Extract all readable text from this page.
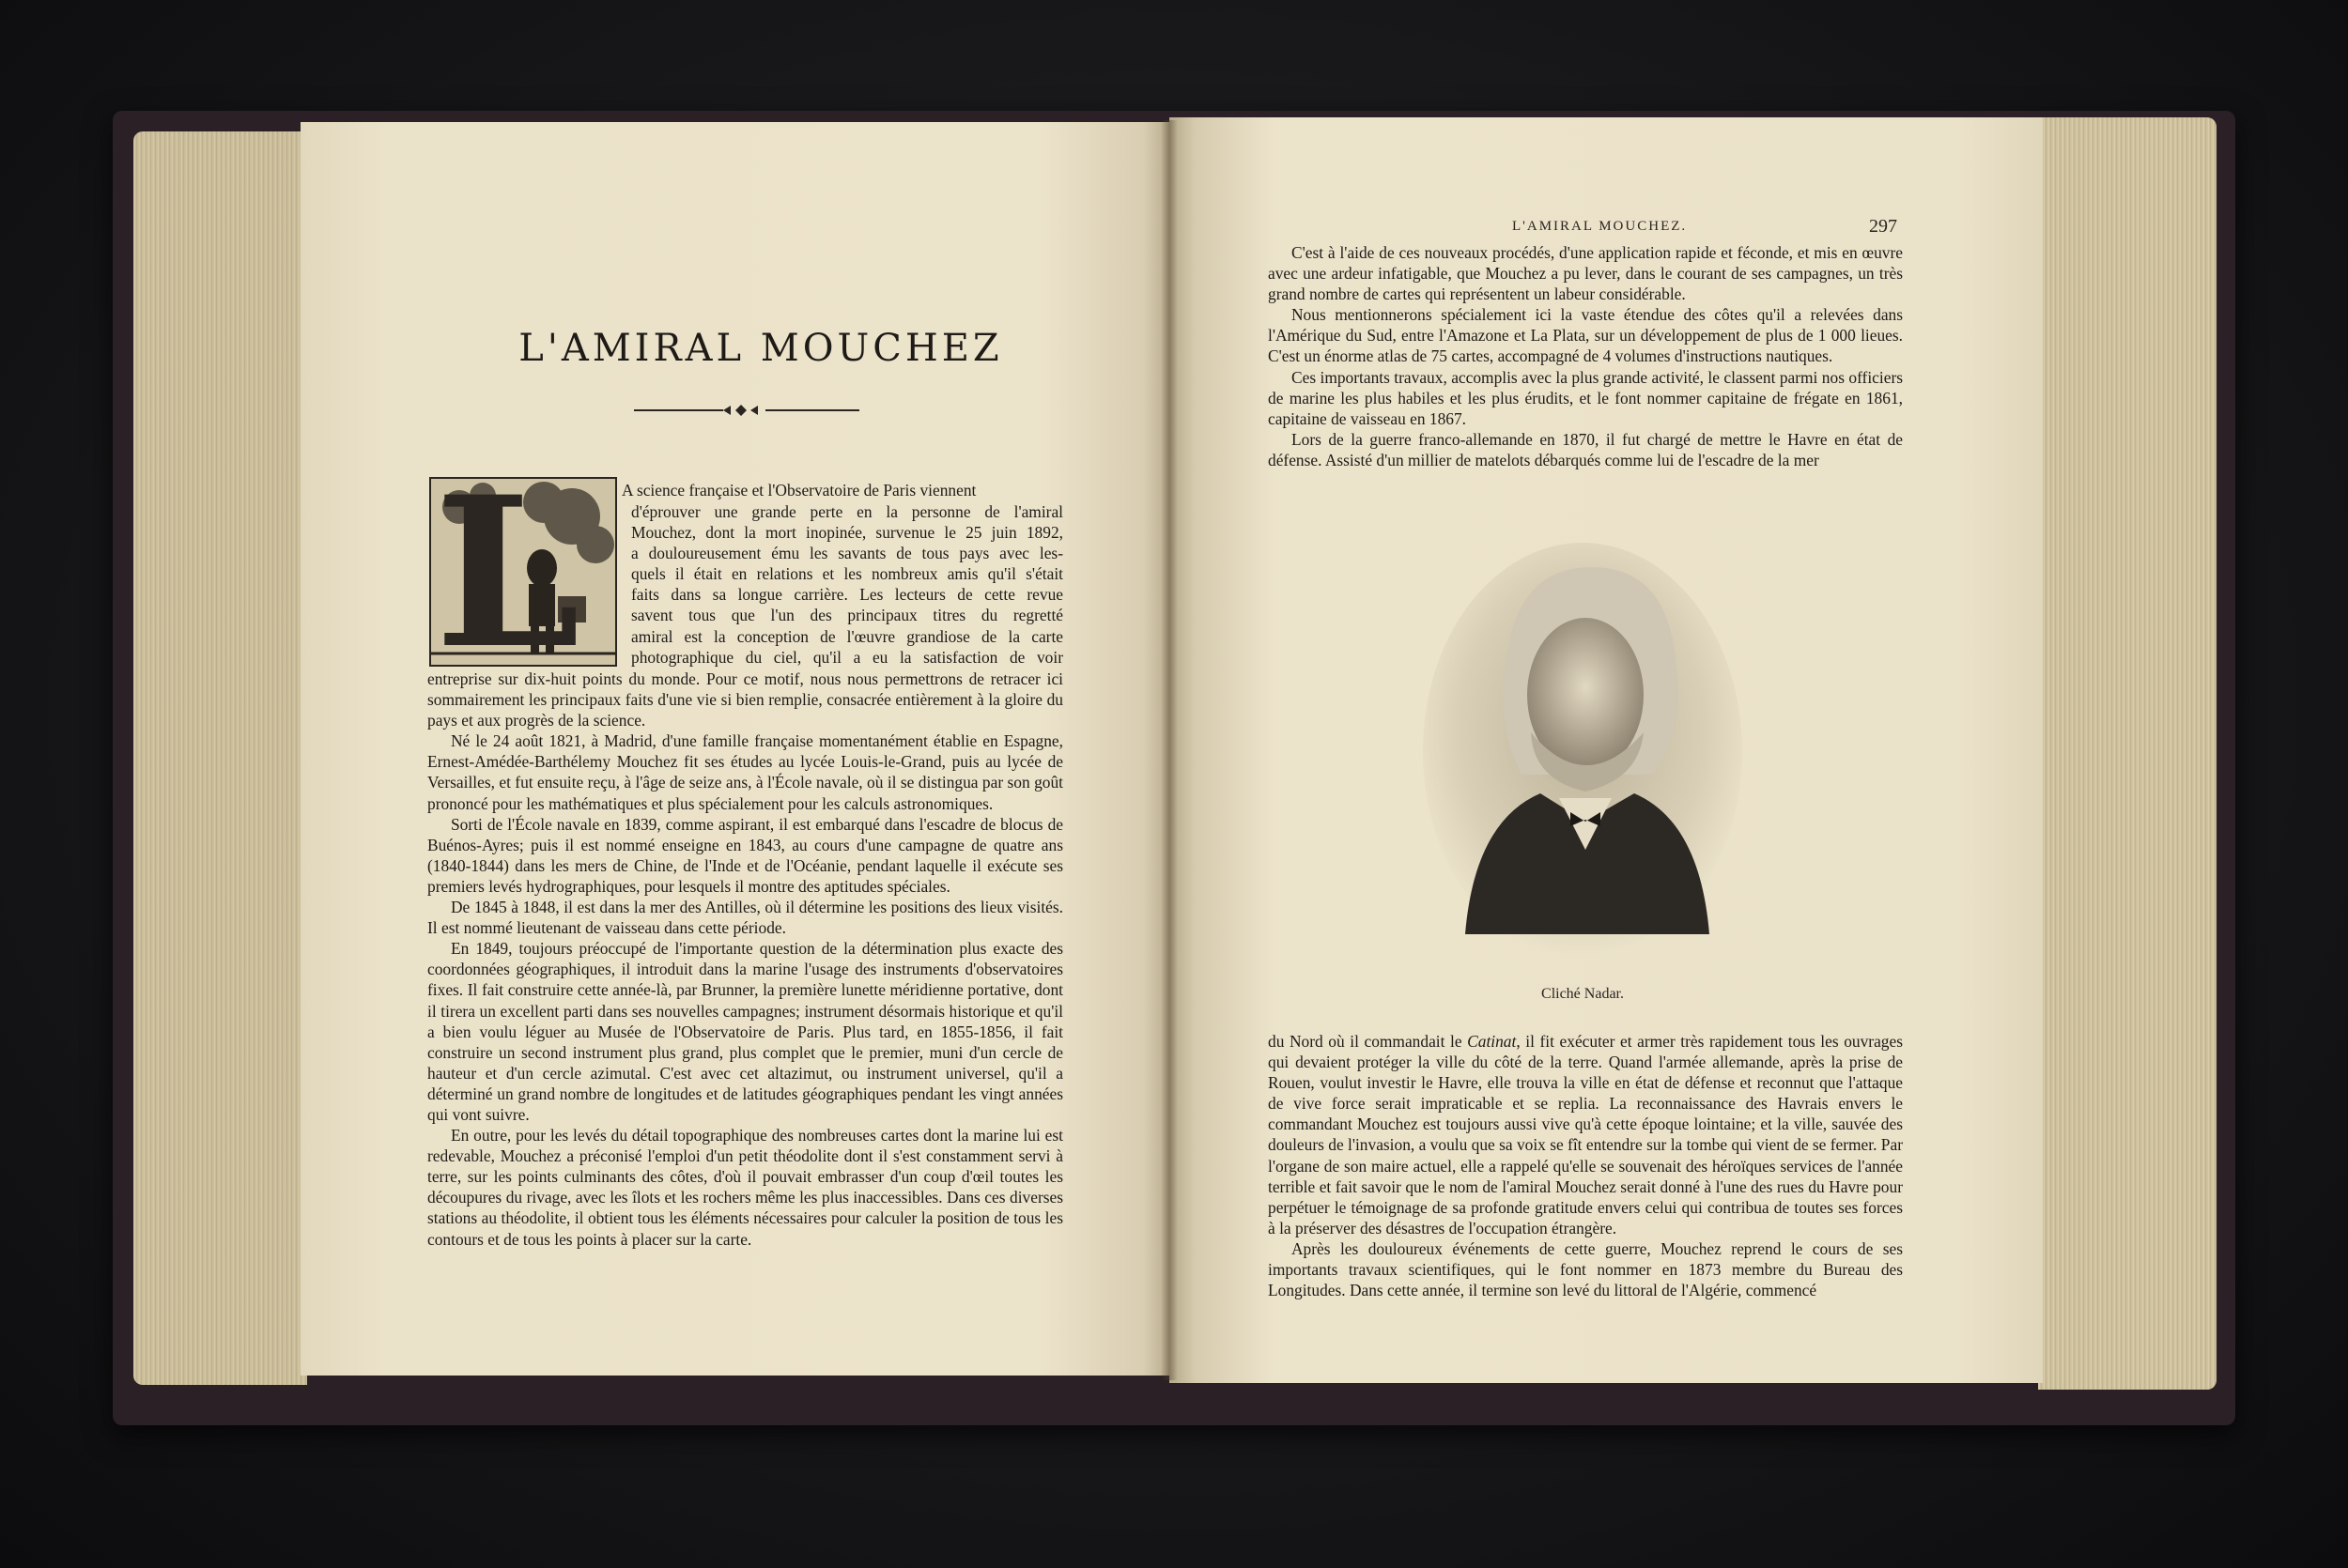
L'AMIRAL MOUCHEZ
L	A science française et l'Observatoire de Paris viennent
d'éprouver une grande perte en la personne de l'amiral
Mouchez, dont la mort inopinée, survenue le 25 juin 1892,
a douloureusement ému les savants de tous pays avec les-
quels il était en relations et les nombreux amis qu'il s'était
faits dans sa longue carrière. Les lecteurs de cette revue
savent tous que l'un des principaux titres du regretté
amiral est la conception de l'œuvre grandiose de la carte
photographique du ciel, qu'il a eu la satisfaction de voir
entreprise sur dix-huit points du monde. Pour ce motif, nous nous permettrons de retracer ici sommairement les principaux faits d'une vie si bien remplie, consacrée entièrement à la gloire du pays et aux progrès de la science.

Né le 24 août 1821, à Madrid, d'une famille française momentanément établie en Espagne, Ernest-Amédée-Barthélemy Mouchez fit ses études au lycée Louis-le-Grand, puis au lycée de Versailles, et fut ensuite reçu, à l'âge de seize ans, à l'École navale, où il se distingua par son goût prononcé pour les mathématiques et plus spécialement pour les calculs astronomiques.

Sorti de l'École navale en 1839, comme aspirant, il est embarqué dans l'escadre de blocus de Buénos-Ayres; puis il est nommé enseigne en 1843, au cours d'une campagne de quatre ans (1840-1844) dans les mers de Chine, de l'Inde et de l'Océanie, pendant laquelle il exécute ses premiers levés hydrographiques, pour lesquels il montre des aptitudes spéciales.

De 1845 à 1848, il est dans la mer des Antilles, où il détermine les positions des lieux visités. Il est nommé lieutenant de vaisseau dans cette période.

En 1849, toujours préoccupé de l'importante question de la détermination plus exacte des coordonnées géographiques, il introduit dans la marine l'usage des instruments d'observatoires fixes. Il fait construire cette année-là, par Brunner, la première lunette méridienne portative, dont il tirera un excellent parti dans ses nouvelles campagnes; instrument désormais historique et qu'il a bien voulu léguer au Musée de l'Observatoire de Paris. Plus tard, en 1855-1856, il fait construire un second instrument plus grand, plus complet que le premier, muni d'un cercle de hauteur et d'un cercle azimutal. C'est avec cet altazimut, ou instrument universel, qu'il a déterminé un grand nombre de longitudes et de latitudes géographiques pendant les vingt années qui vont suivre.

En outre, pour les levés du détail topographique des nombreuses cartes dont la marine lui est redevable, Mouchez a préconisé l'emploi d'un petit théodolite dont il s'est constamment servi à terre, sur les points culminants des côtes, d'où il pouvait embrasser d'un coup d'œil toutes les découpures du rivage, avec les îlots et les rochers même les plus inaccessibles. Dans ces diverses stations au théodolite, il obtient tous les éléments nécessaires pour calculer la position de tous les contours et de tous les points à placer sur la carte.

L'AMIRAL MOUCHEZ.	297

C'est à l'aide de ces nouveaux procédés, d'une application rapide et féconde, et mis en œuvre avec une ardeur infatigable, que Mouchez a pu lever, dans le courant de ses campagnes, un très grand nombre de cartes qui représentent un labeur considérable.

Nous mentionnerons spécialement ici la vaste étendue des côtes qu'il a relevées dans l'Amérique du Sud, entre l'Amazone et La Plata, sur un développement de plus de 1 000 lieues. C'est un énorme atlas de 75 cartes, accompagné de 4 volumes d'instructions nautiques.

Ces importants travaux, accomplis avec la plus grande activité, le classent parmi nos officiers de marine les plus habiles et les plus érudits, et le font nommer capitaine de frégate en 1861, capitaine de vaisseau en 1867.

Lors de la guerre franco-allemande en 1870, il fut chargé de mettre le Havre en état de défense. Assisté d'un millier de matelots débarqués comme lui de l'escadre de la mer

Cliché Nadar.
du Nord où il commandait le Catinat, il fit exécuter et armer très rapidement tous les ouvrages qui devaient protéger la ville du côté de la terre. Quand l'armée allemande, après la prise de Rouen, voulut investir le Havre, elle trouva la ville en état de défense et reconnut que l'attaque de vive force serait impraticable et se replia. La reconnaissance des Havrais envers le commandant Mouchez est toujours aussi vive qu'à cette époque lointaine; et la ville, sauvée des douleurs de l'invasion, a voulu que sa voix se fît entendre sur la tombe qui vient de se fermer. Par l'organe de son maire actuel, elle a rappelé qu'elle se souvenait des héroïques services de l'année terrible et fait savoir que le nom de l'amiral Mouchez serait donné à l'une des rues du Havre pour perpétuer le témoignage de sa profonde gratitude envers celui qui contribua de toutes ses forces à la préserver des désastres de l'occupation étrangère.

Après les douloureux événements de cette guerre, Mouchez reprend le cours de ses importants travaux scientifiques, qui le font nommer en 1873 membre du Bureau des Longitudes. Dans cette année, il termine son levé du littoral de l'Algérie, commencé
